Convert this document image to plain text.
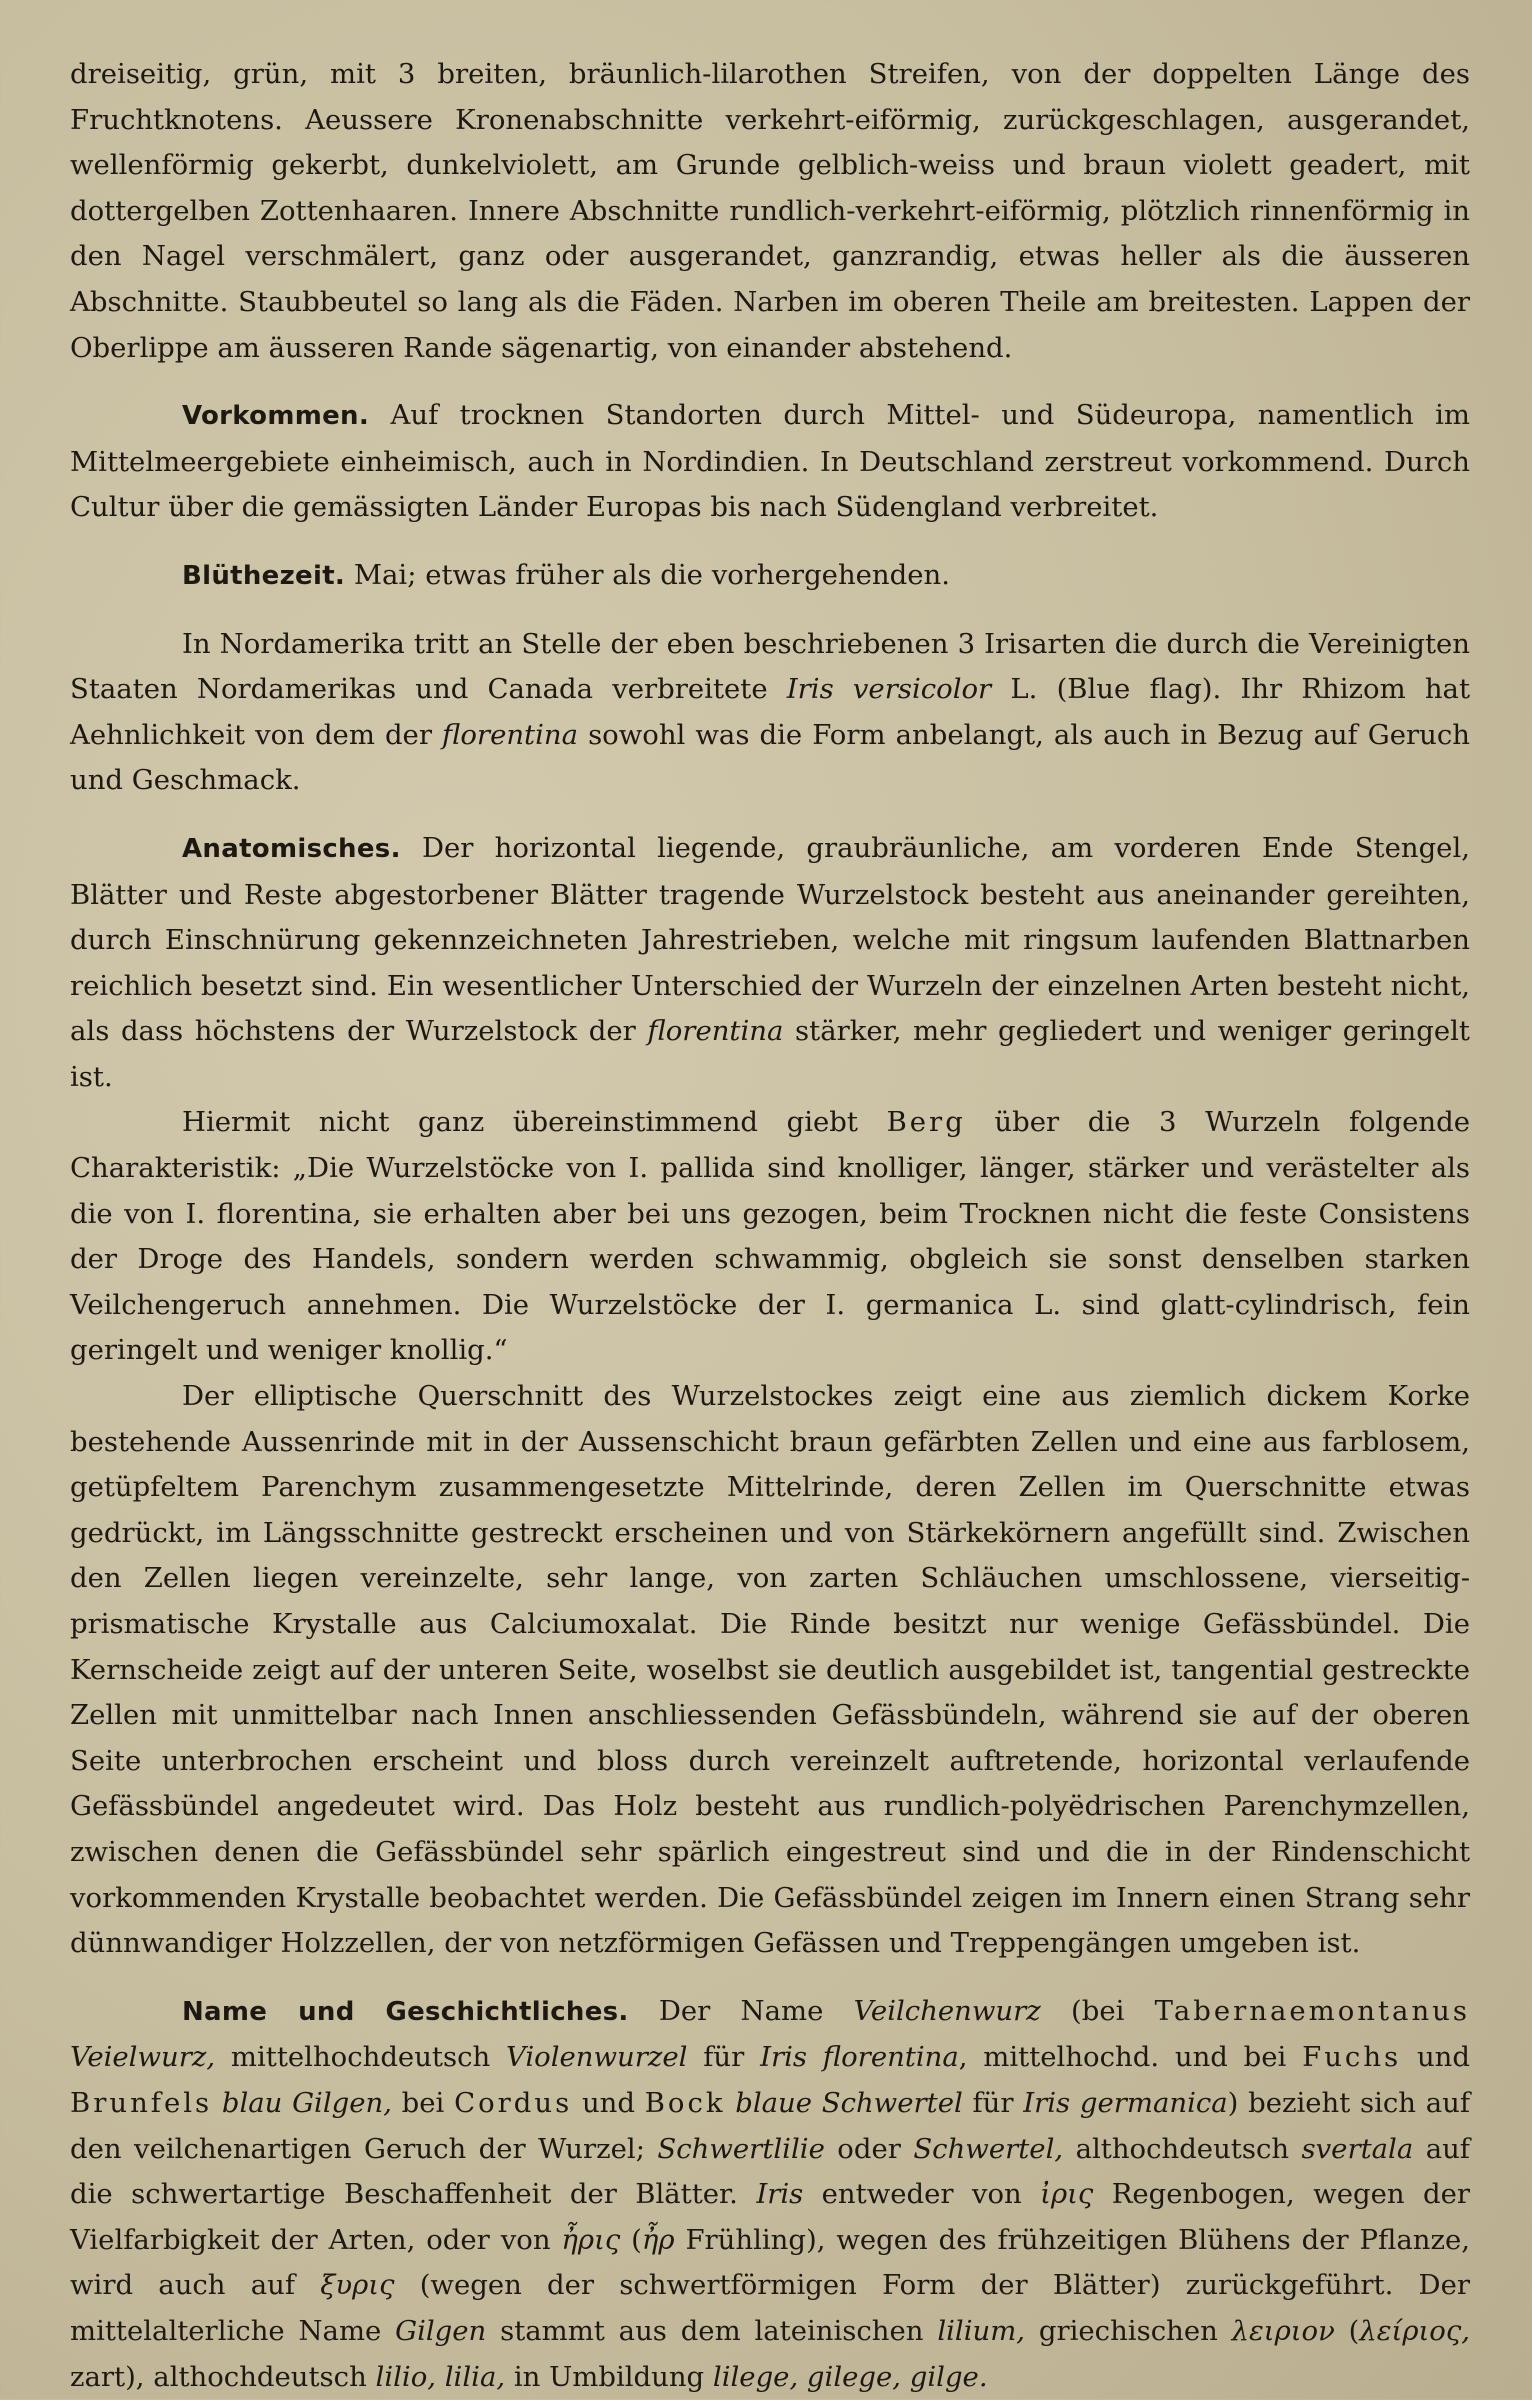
dreiseitig, grün, mit 3 breiten, bräunlich-lilarothen Streifen, von der doppelten Länge des Fruchtknotens. Aeussere Kronenabschnitte verkehrt-eiförmig, zurückgeschlagen, ausgerandet, wellenförmig gekerbt, dunkelviolett, am Grunde gelblich-weiss und braun violett geadert, mit dottergelben Zottenhaaren. Innere Abschnitte rundlich-verkehrt-eiförmig, plötzlich rinnenförmig in den Nagel verschmälert, ganz oder ausgerandet, ganzrandig, etwas heller als die äusseren Abschnitte. Staubbeutel so lang als die Fäden. Narben im oberen Theile am breitesten. Lappen der Oberlippe am äusseren Rande sägenartig, von einander abstehend.

Vorkommen. Auf trocknen Standorten durch Mittel- und Südeuropa, namentlich im Mittelmeergebiete einheimisch, auch in Nordindien. In Deutschland zerstreut vorkommend. Durch Cultur über die gemässigten Länder Europas bis nach Südengland verbreitet.

Blüthezeit. Mai; etwas früher als die vorhergehenden.

In Nordamerika tritt an Stelle der eben beschriebenen 3 Irisarten die durch die Vereinigten Staaten Nordamerikas und Canada verbreitete Iris versicolor L. (Blue flag). Ihr Rhizom hat Aehnlichkeit von dem der florentina sowohl was die Form anbelangt, als auch in Bezug auf Geruch und Geschmack.

Anatomisches. Der horizontal liegende, graubräunliche, am vorderen Ende Stengel, Blätter und Reste abgestorbener Blätter tragende Wurzelstock besteht aus aneinander gereihten, durch Einschnürung gekennzeichneten Jahrestrieben, welche mit ringsum laufenden Blattnarben reichlich besetzt sind. Ein wesentlicher Unterschied der Wurzeln der einzelnen Arten besteht nicht, als dass höchstens der Wurzelstock der florentina stärker, mehr gegliedert und weniger geringelt ist.

Hiermit nicht ganz übereinstimmend giebt Berg über die 3 Wurzeln folgende Charakteristik: „Die Wurzelstöcke von I. pallida sind knolliger, länger, stärker und verästelter als die von I. florentina, sie erhalten aber bei uns gezogen, beim Trocknen nicht die feste Consistens der Droge des Handels, sondern werden schwammig, obgleich sie sonst denselben starken Veilchengeruch annehmen. Die Wurzelstöcke der I. germanica L. sind glatt-cylindrisch, fein geringelt und weniger knollig.“

Der elliptische Querschnitt des Wurzelstockes zeigt eine aus ziemlich dickem Korke bestehende Aussenrinde mit in der Aussenschicht braun gefärbten Zellen und eine aus farblosem, getüpfeltem Parenchym zusammengesetzte Mittelrinde, deren Zellen im Querschnitte etwas gedrückt, im Längsschnitte gestreckt erscheinen und von Stärkekörnern angefüllt sind. Zwischen den Zellen liegen vereinzelte, sehr lange, von zarten Schläuchen umschlossene, vierseitig-prismatische Krystalle aus Calciumoxalat. Die Rinde besitzt nur wenige Gefässbündel. Die Kernscheide zeigt auf der unteren Seite, woselbst sie deutlich ausgebildet ist, tangential gestreckte Zellen mit unmittelbar nach Innen anschliessenden Gefässbündeln, während sie auf der oberen Seite unterbrochen erscheint und bloss durch vereinzelt auftretende, horizontal verlaufende Gefässbündel angedeutet wird. Das Holz besteht aus rundlich-polyëdrischen Parenchymzellen, zwischen denen die Gefässbündel sehr spärlich eingestreut sind und die in der Rindenschicht vorkommenden Krystalle beobachtet werden. Die Gefässbündel zeigen im Innern einen Strang sehr dünnwandiger Holzzellen, der von netzförmigen Gefässen und Treppengängen umgeben ist.

Name und Geschichtliches. Der Name Veilchenwurz (bei Tabernaemontanus Veielwurz, mittelhochdeutsch Violenwurzel für Iris florentina, mittelhochd. und bei Fuchs und Brunfels blau Gilgen, bei Cordus und Bock blaue Schwertel für Iris germanica) bezieht sich auf den veilchenartigen Geruch der Wurzel; Schwertlilie oder Schwertel, althochdeutsch svertala auf die schwertartige Beschaffenheit der Blätter. Iris entweder von ἰρις Regenbogen, wegen der Vielfarbigkeit der Arten, oder von ἦρις (ἦρ Frühling), wegen des frühzeitigen Blühens der Pflanze, wird auch auf ξυρις (wegen der schwertförmigen Form der Blätter) zurückgeführt. Der mittelalterliche Name Gilgen stammt aus dem lateinischen lilium, griechischen λειριον (λείριος, zart), althochdeutsch lilio, lilia, in Umbildung lilege, gilege, gilge.
